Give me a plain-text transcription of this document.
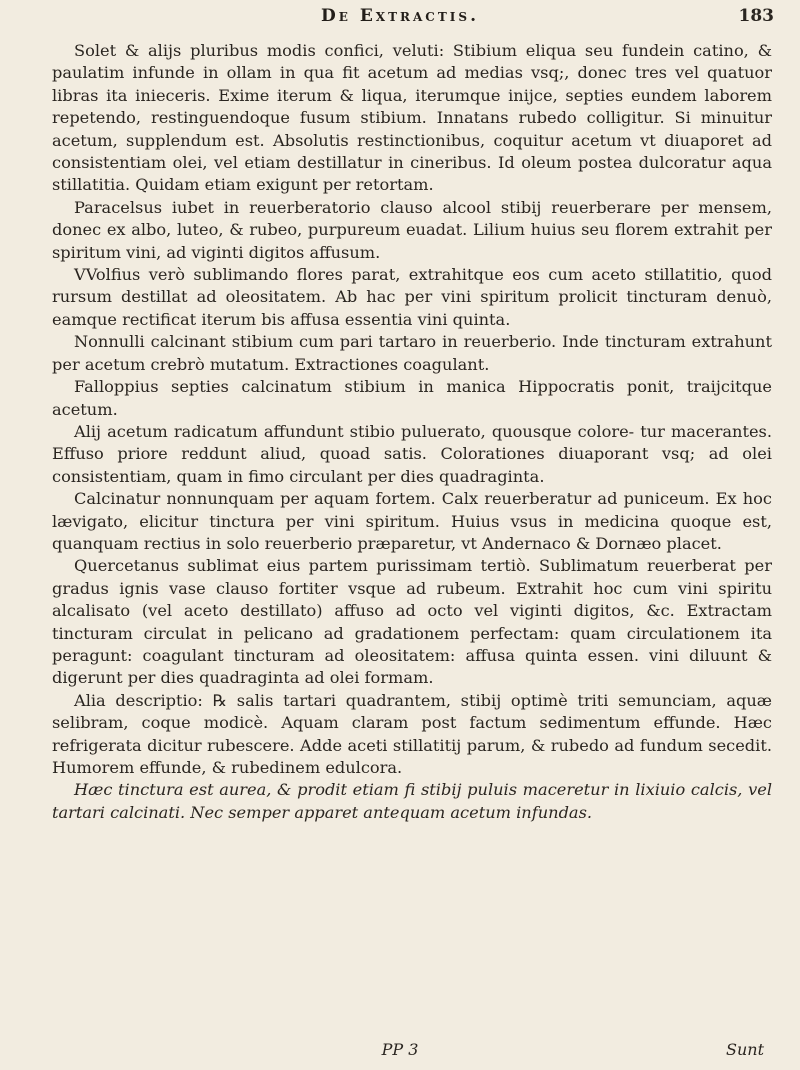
De Extractis.	183

Solet & alijs pluribus modis confici, veluti: Stibium eliqua seu fundein catino, & paulatim infunde in ollam in qua fit acetum ad medias vsq;, donec tres vel quatuor libras ita inieceris. Exime iterum & liqua, iterumque inijce, septies eundem laborem repetendo, restinguendoque fusum stibium. Innatans rubedo colligitur. Si minuitur acetum, supplendum est. Absolutis restinctionibus, coquitur acetum vt diuaporet ad consistentiam olei, vel etiam destillatur in cineribus. Id oleum postea dulcoratur aqua stillatitia. Quidam etiam exigunt per retortam.

Paracelsus iubet in reuerberatorio clauso alcool stibij reuerberare per mensem, donec ex albo, luteo, & rubeo, purpureum euadat. Lilium huius seu florem extrahit per spiritum vini, ad viginti digitos affusum.

VVolfius verò sublimando flores parat, extrahitque eos cum aceto stillatitio, quod rursum destillat ad oleositatem. Ab hac per vini spiritum prolicit tincturam denuò, eamque rectificat iterum bis affusa essentia vini quinta.

Nonnulli calcinant stibium cum pari tartaro in reuerberio. Inde tincturam extrahunt per acetum crebrò mutatum. Extractiones coagulant.

Falloppius septies calcinatum stibium in manica Hippocratis ponit, traijcitque acetum.

Alij acetum radicatum affundunt stibio puluerato, quousque colore- tur macerantes. Effuso priore reddunt aliud, quoad satis. Colorationes diuaporant vsq; ad olei consistentiam, quam in fimo circulant per dies quadraginta.

Calcinatur nonnunquam per aquam fortem. Calx reuerberatur ad puniceum. Ex hoc lævigato, elicitur tinctura per vini spiritum. Huius vsus in medicina quoque est, quanquam rectius in solo reuerberio præparetur, vt Andernaco & Dornæo placet.

Quercetanus sublimat eius partem purissimam tertiò. Sublimatum reuerberat per gradus ignis vase clauso fortiter vsque ad rubeum. Extrahit hoc cum vini spiritu alcalisato (vel aceto destillato) affuso ad octo vel viginti digitos, &c. Extractam tincturam circulat in pelicano ad gradationem perfectam: quam circulationem ita peragunt: coagulant tincturam ad oleositatem: affusa quinta essen. vini diluunt & digerunt per dies quadraginta ad olei formam.

Alia descriptio: ℞ salis tartari quadrantem, stibij optimè triti semunciam, aquæ selibram, coque modicè. Aquam claram post factum sedimentum effunde. Hæc refrigerata dicitur rubescere. Adde aceti stillatitij parum, & rubedo ad fundum secedit. Humorem effunde, & rubedinem edulcora.

Hæc tinctura est aurea, & prodit etiam fi stibij puluis maceretur in lixiuio calcis, vel tartari calcinati. Nec semper apparet antequam acetum infundas.

PP 3	Sunt
